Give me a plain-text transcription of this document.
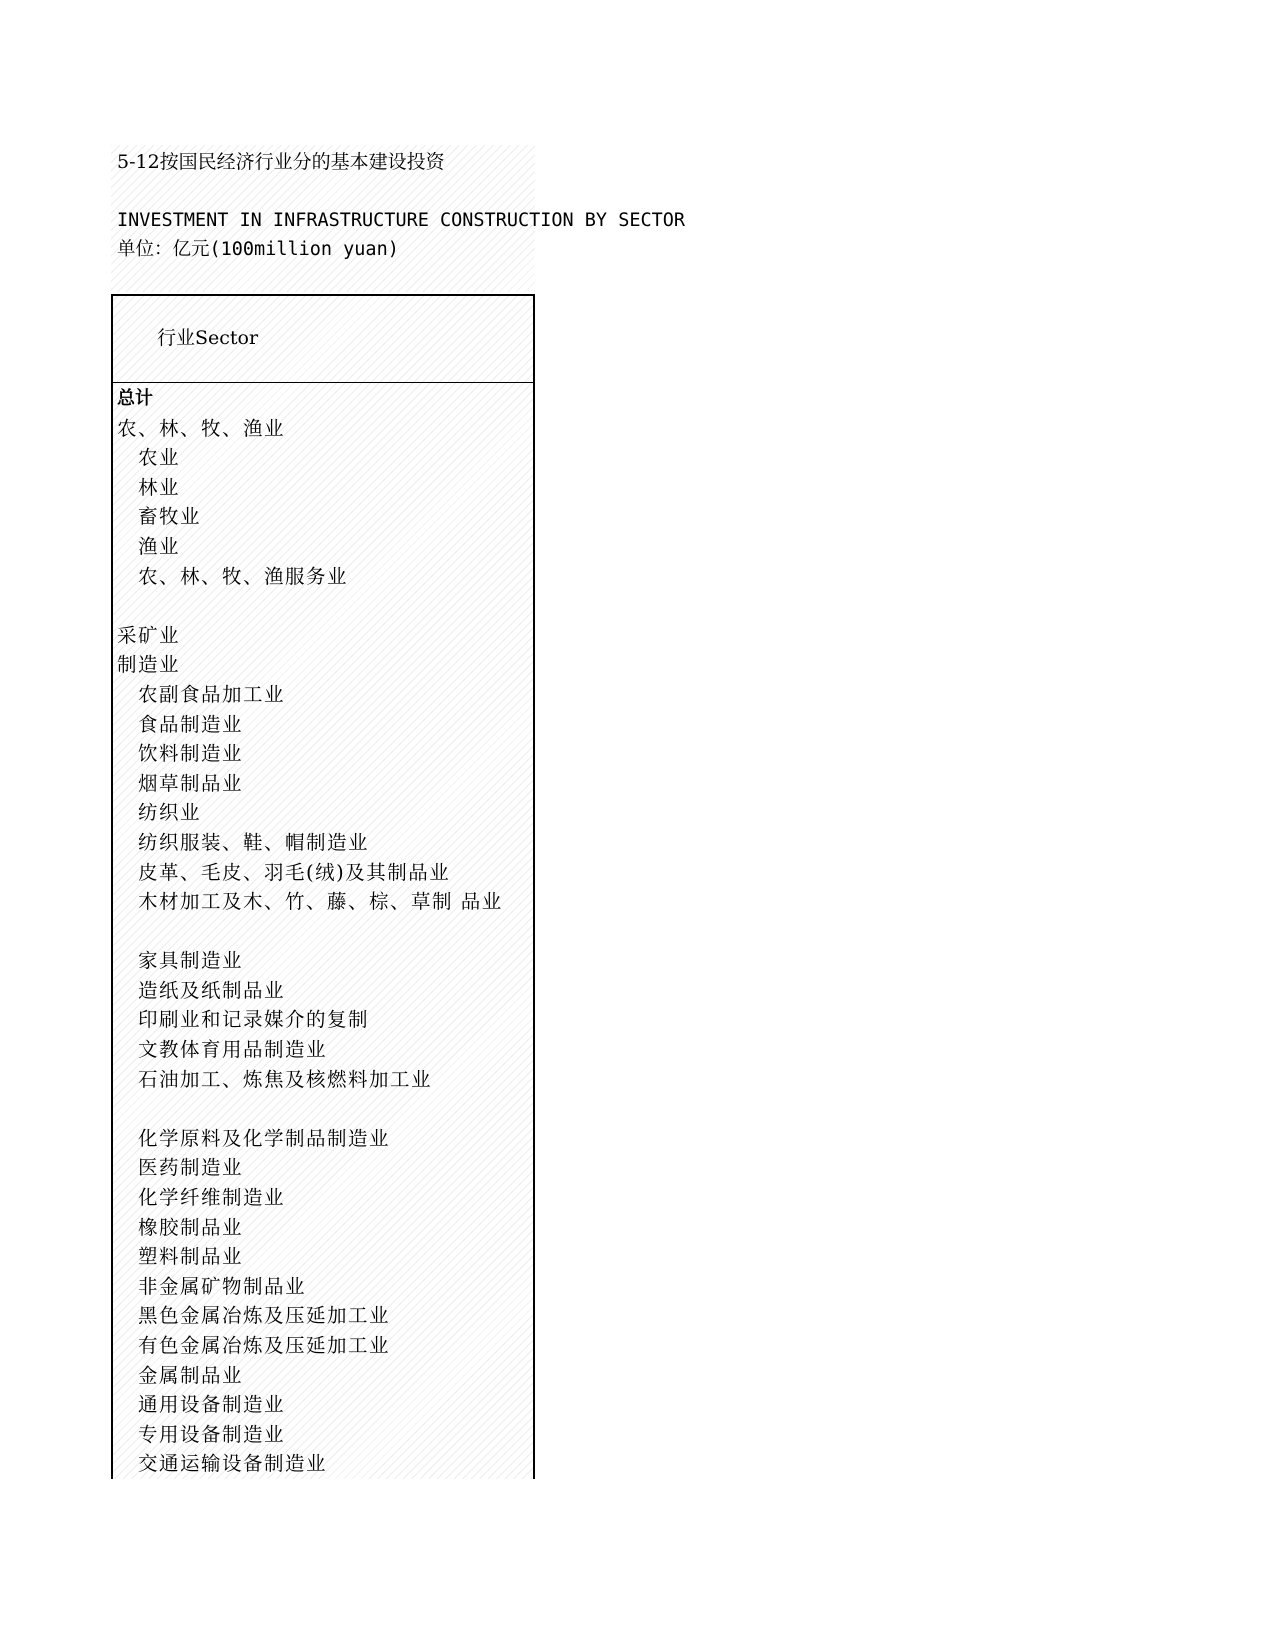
5-12按国民经济行业分的基本建设投资
INVESTMENT IN INFRASTRUCTURE CONSTRUCTION BY SECTOR
单位：亿元(100million yuan)
行业Sector
总计
农、林、牧、渔业
农业
林业
畜牧业
渔业
农、林、牧、渔服务业
采矿业
制造业
农副食品加工业
食品制造业
饮料制造业
烟草制品业
纺织业
纺织服装、鞋、帽制造业
皮革、毛皮、羽毛(绒)及其制品业
木材加工及木、竹、藤、棕、草制 品业
家具制造业
造纸及纸制品业
印刷业和记录媒介的复制
文教体育用品制造业
石油加工、炼焦及核燃料加工业
化学原料及化学制品制造业
医药制造业
化学纤维制造业
橡胶制品业
塑料制品业
非金属矿物制品业
黑色金属冶炼及压延加工业
有色金属冶炼及压延加工业
金属制品业
通用设备制造业
专用设备制造业
交通运输设备制造业
